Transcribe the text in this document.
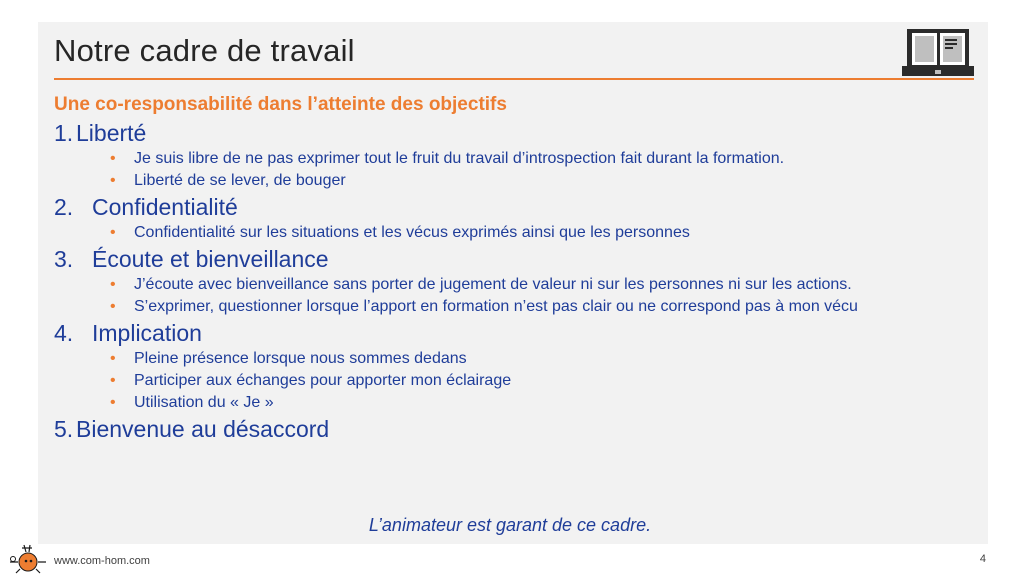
Notre cadre de travail
Une co-responsabilité dans l’atteinte des objectifs
1. Liberté
• Je suis libre de ne pas exprimer tout le fruit du travail d’introspection fait durant la formation.
• Liberté de se lever, de bouger
2. Confidentialité
• Confidentialité sur les situations et les vécus exprimés ainsi que les personnes
3. Écoute et bienveillance
• J’écoute avec bienveillance sans porter de jugement de valeur ni sur les personnes ni sur les actions.
• S’exprimer, questionner lorsque l’apport en formation n’est pas clair ou ne correspond pas à mon vécu
4. Implication
• Pleine présence lorsque nous sommes dedans
• Participer aux échanges pour apporter mon éclairage
• Utilisation du « Je »
5. Bienvenue au désaccord
L’animateur est garant de ce cadre.
www.com-hom.com	4
